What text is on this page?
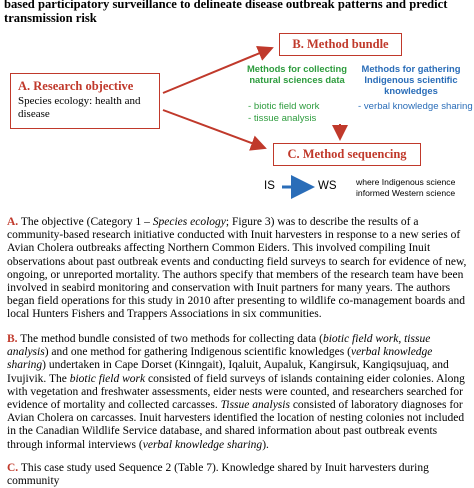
based participatory surveillance to delineate disease outbreak patterns and predict transmission risk
A. Research objective
Species ecology: health and disease
B. Method bundle
Methods for collecting natural sciences data
Methods for gathering Indigenous scientific knowledges
- biotic field work
- tissue analysis
- verbal knowledge sharing
C. Method sequencing
IS	WS where Indigenous science informed Western science
A. The objective (Category 1 – Species ecology; Figure 3) was to describe the results of a community-based research initiative conducted with Inuit harvesters in response to a new series of Avian Cholera outbreaks affecting Northern Common Eiders. This involved compiling Inuit observations about past outbreak events and conducting field surveys to search for evidence of new, ongoing, or unreported mortality. The authors specify that members of the research team have been involved in seabird monitoring and conservation with Inuit partners for many years. The authors began field operations for this study in 2010 after presenting to wildlife co-management boards and local Hunters Fishers and Trappers Associations in six communities.
B. The method bundle consisted of two methods for collecting data (biotic field work, tissue analysis) and one method for gathering Indigenous scientific knowledges (verbal knowledge sharing) undertaken in Cape Dorset (Kinngait), Iqaluit, Aupaluk, Kangirsuk, Kangiqsujuaq, and Ivujivik. The biotic field work consisted of field surveys of islands containing eider colonies. Along with vegetation and freshwater assessments, eider nests were counted, and researchers searched for evidence of mortality and collected carcasses. Tissue analysis consisted of laboratory diagnoses for Avian Cholera on carcasses. Inuit harvesters identified the location of nesting colonies not included in the Canadian Wildlife Service database, and shared information about past outbreak events through informal interviews (verbal knowledge sharing).
C. This case study used Sequence 2 (Table 7). Knowledge shared by Inuit harvesters during community
